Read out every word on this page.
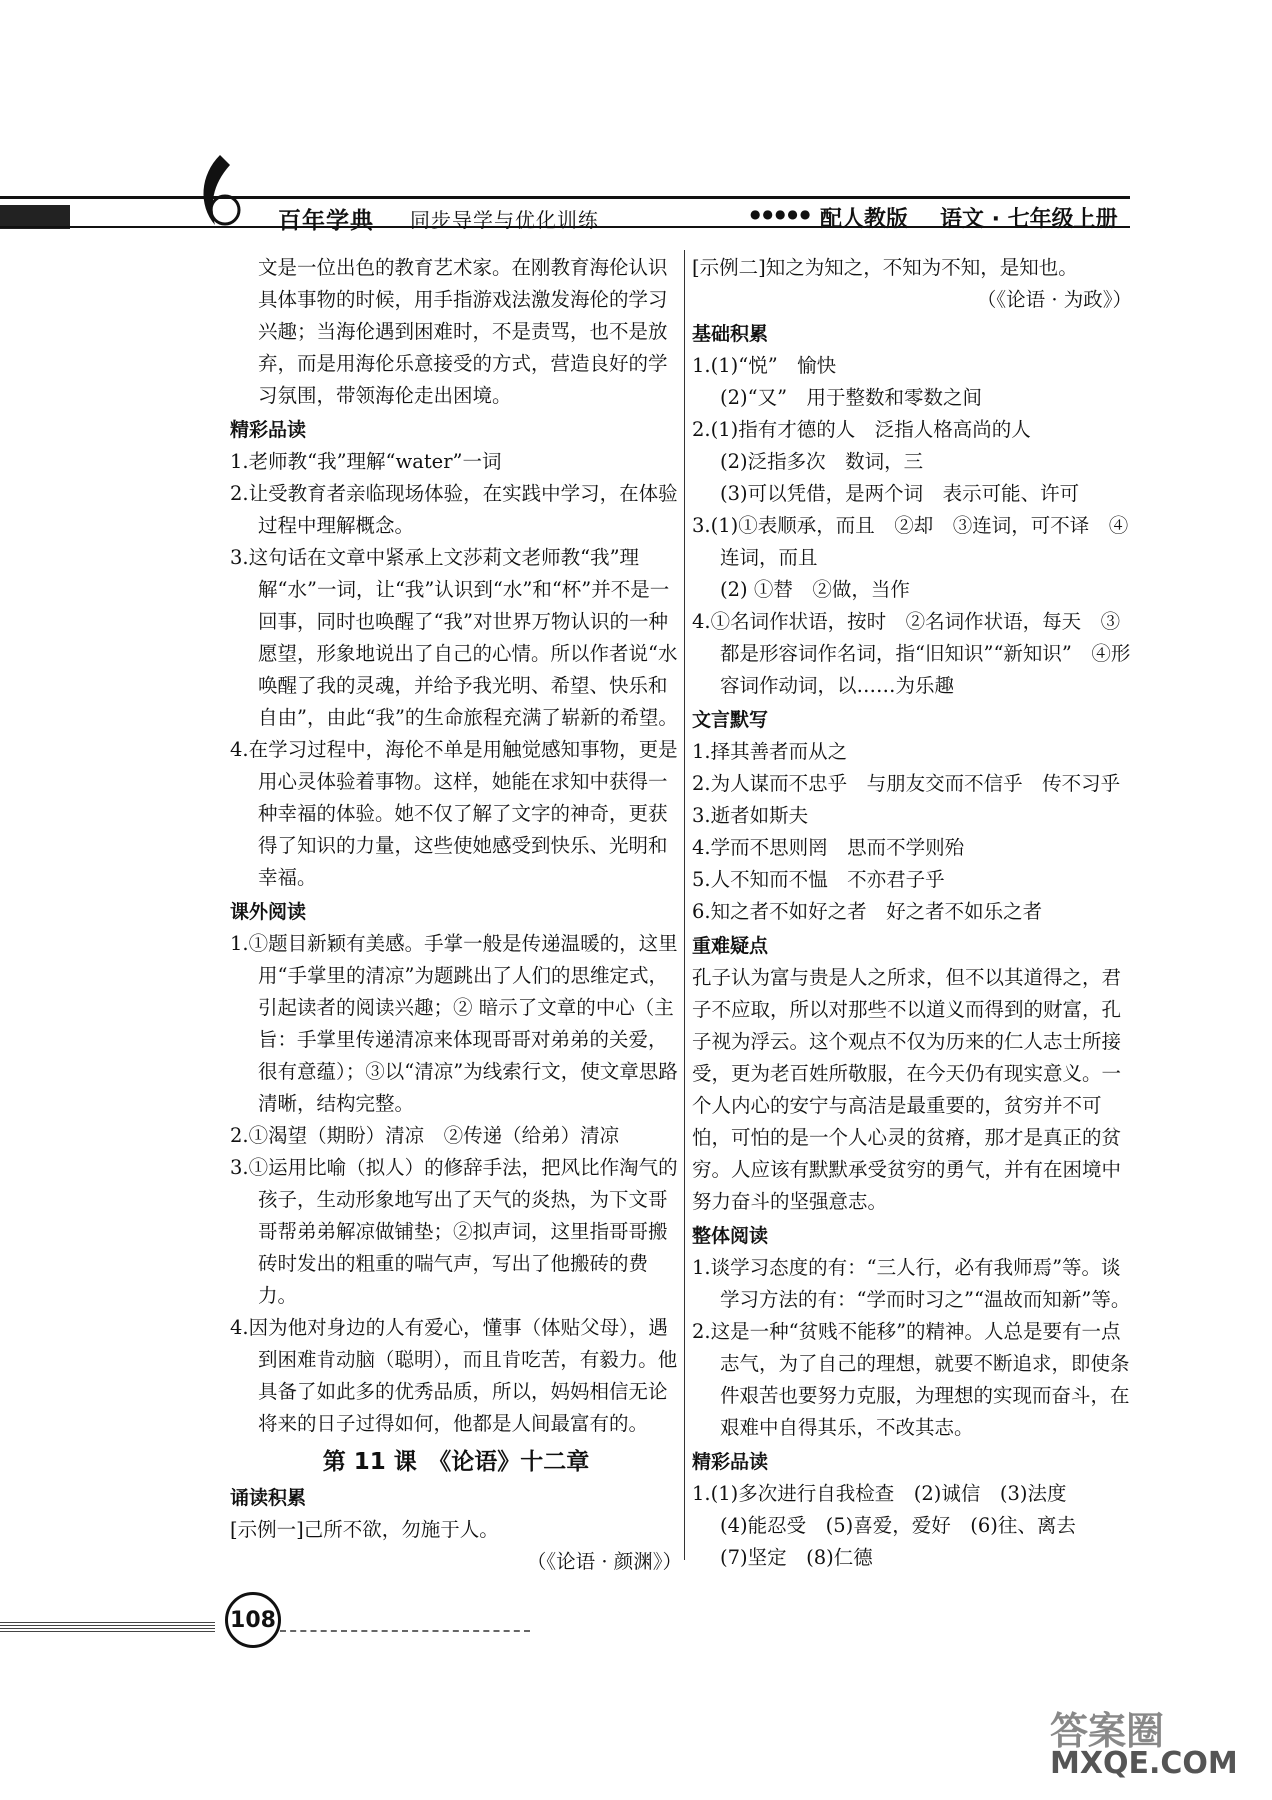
百年学典 同步导学与优化训练	●●●●● 配人教版 语文 · 七年级上册

文是一位出色的教育艺术家。在刚教育海伦认识具体事物的时候，用手指游戏法激发海伦的学习兴趣；当海伦遇到困难时，不是责骂，也不是放弃，而是用海伦乐意接受的方式，营造良好的学习氛围，带领海伦走出困境。

精彩品读

1.老师教“我”理解“water”一词

2.让受教育者亲临现场体验，在实践中学习，在体验过程中理解概念。

3.这句话在文章中紧承上文莎莉文老师教“我”理解“水”一词，让“我”认识到“水”和“杯”并不是一回事，同时也唤醒了“我”对世界万物认识的一种愿望，形象地说出了自己的心情。所以作者说“水唤醒了我的灵魂，并给予我光明、希望、快乐和自由”，由此“我”的生命旅程充满了崭新的希望。

4.在学习过程中，海伦不单是用触觉感知事物，更是用心灵体验着事物。这样，她能在求知中获得一种幸福的体验。她不仅了解了文字的神奇，更获得了知识的力量，这些使她感受到快乐、光明和幸福。

课外阅读

1.①题目新颖有美感。手掌一般是传递温暖的，这里用“手掌里的清凉”为题跳出了人们的思维定式，引起读者的阅读兴趣；② 暗示了文章的中心（主旨：手掌里传递清凉来体现哥哥对弟弟的关爱，很有意蕴）；③以“清凉”为线索行文，使文章思路清晰，结构完整。

2.①渴望（期盼）清凉　②传递（给弟）清凉

3.①运用比喻（拟人）的修辞手法，把风比作淘气的孩子，生动形象地写出了天气的炎热，为下文哥哥帮弟弟解凉做铺垫；②拟声词，这里指哥哥搬砖时发出的粗重的喘气声，写出了他搬砖的费力。

4.因为他对身边的人有爱心，懂事（体贴父母），遇到困难肯动脑（聪明），而且肯吃苦，有毅力。他具备了如此多的优秀品质，所以，妈妈相信无论将来的日子过得如何，他都是人间最富有的。

第 11 课　《论语》十二章

诵读积累

[示例一]己所不欲，勿施于人。

（《论语 · 颜渊》）

[示例二]知之为知之，不知为不知，是知也。

（《论语 · 为政》）

基础积累

1.(1)“悦”　愉快

(2)“又”　用于整数和零数之间

2.(1)指有才德的人　泛指人格高尚的人

(2)泛指多次　数词，三

(3)可以凭借，是两个词　表示可能、许可

3.(1)①表顺承，而且　②却　③连词，可不译　④连词，而且

(2) ①替　②做，当作

4.①名词作状语，按时　②名词作状语，每天　③都是形容词作名词，指“旧知识”“新知识”　④形容词作动词，以……为乐趣

文言默写

1.择其善者而从之

2.为人谋而不忠乎　与朋友交而不信乎　传不习乎

3.逝者如斯夫

4.学而不思则罔　思而不学则殆

5.人不知而不愠　不亦君子乎

6.知之者不如好之者　好之者不如乐之者

重难疑点

孔子认为富与贵是人之所求，但不以其道得之，君子不应取，所以对那些不以道义而得到的财富，孔子视为浮云。这个观点不仅为历来的仁人志士所接受，更为老百姓所敬服，在今天仍有现实意义。一个人内心的安宁与高洁是最重要的，贫穷并不可怕，可怕的是一个人心灵的贫瘠，那才是真正的贫穷。人应该有默默承受贫穷的勇气，并有在困境中努力奋斗的坚强意志。

整体阅读

1.谈学习态度的有：“三人行，必有我师焉”等。谈学习方法的有：“学而时习之”“温故而知新”等。

2.这是一种“贫贱不能移”的精神。人总是要有一点志气，为了自己的理想，就要不断追求，即使条件艰苦也要努力克服，为理想的实现而奋斗，在艰难中自得其乐，不改其志。

精彩品读

1.(1)多次进行自我检查　(2)诚信　(3)法度

(4)能忍受　(5)喜爱，爱好　(6)往、离去

(7)坚定　(8)仁德

108
答案圈
MXQE.COM
